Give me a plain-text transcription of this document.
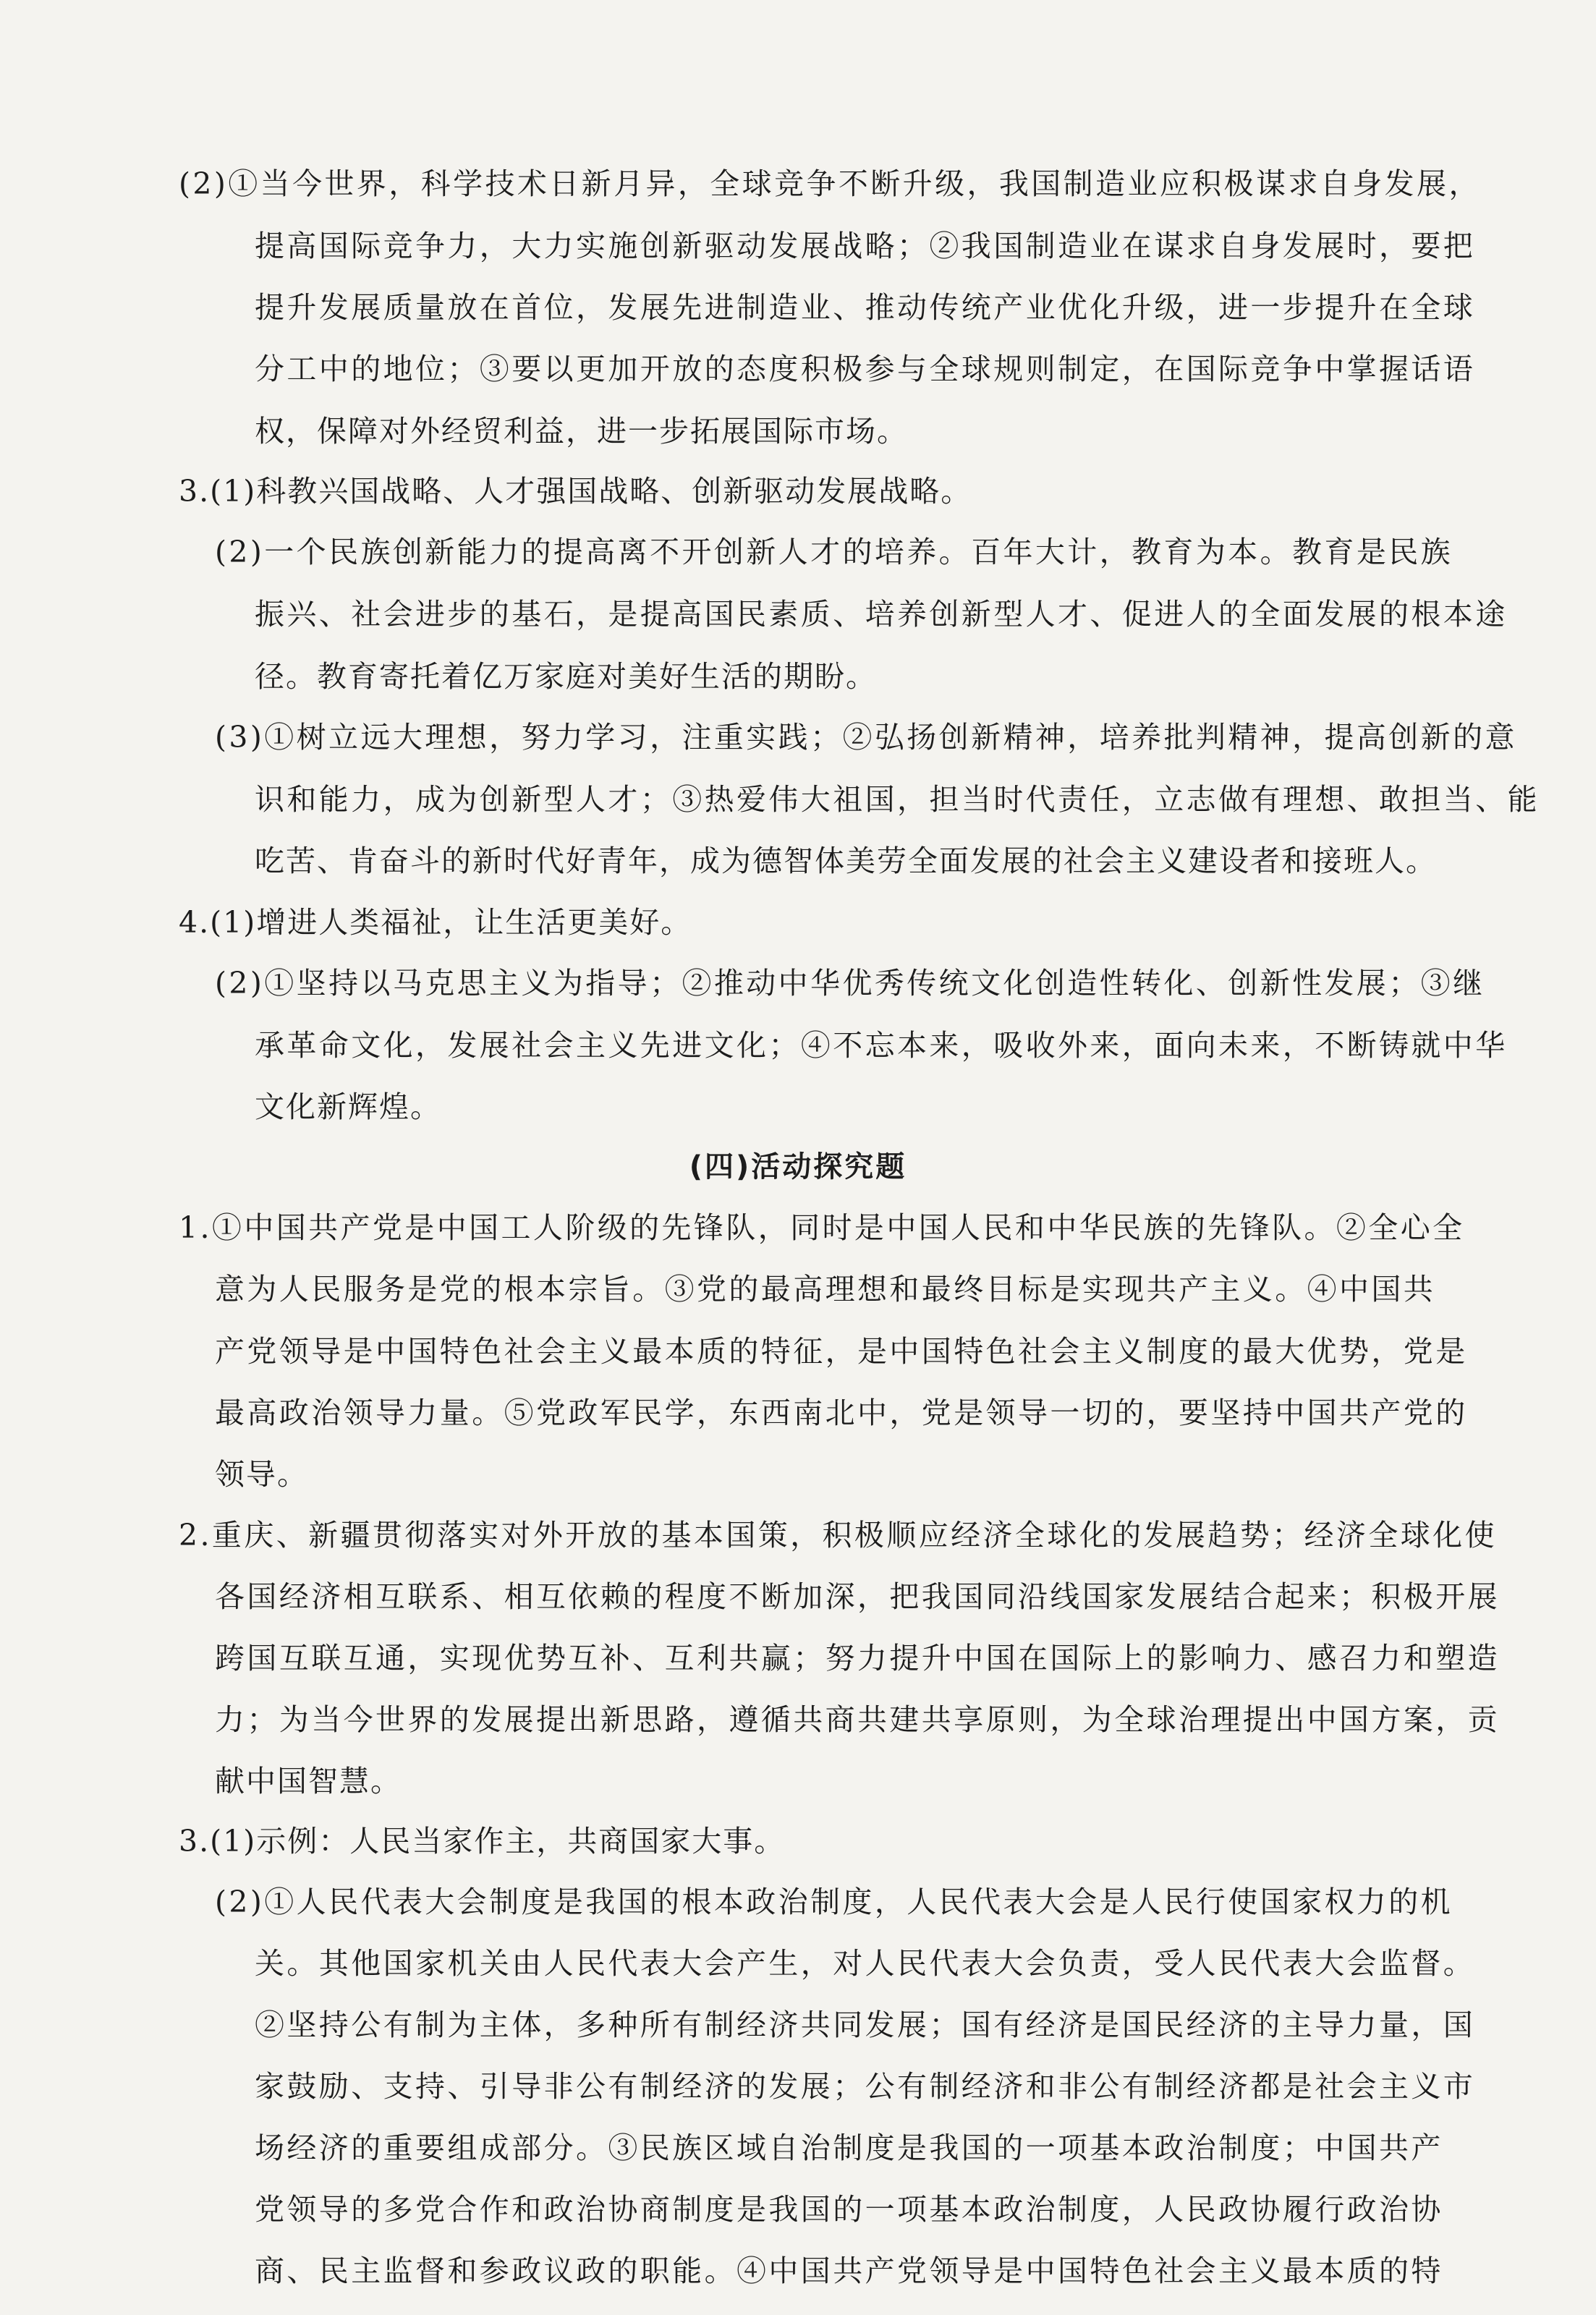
(2)①当今世界，科学技术日新月异，全球竞争不断升级，我国制造业应积极谋求自身发展，
提高国际竞争力，大力实施创新驱动发展战略；②我国制造业在谋求自身发展时，要把
提升发展质量放在首位，发展先进制造业、推动传统产业优化升级，进一步提升在全球
分工中的地位；③要以更加开放的态度积极参与全球规则制定，在国际竞争中掌握话语
权，保障对外经贸利益，进一步拓展国际市场。
3.(1)科教兴国战略、人才强国战略、创新驱动发展战略。
(2)一个民族创新能力的提高离不开创新人才的培养。百年大计，教育为本。教育是民族
振兴、社会进步的基石，是提高国民素质、培养创新型人才、促进人的全面发展的根本途
径。教育寄托着亿万家庭对美好生活的期盼。
(3)①树立远大理想，努力学习，注重实践；②弘扬创新精神，培养批判精神，提高创新的意
识和能力，成为创新型人才；③热爱伟大祖国，担当时代责任，立志做有理想、敢担当、能
吃苦、肯奋斗的新时代好青年，成为德智体美劳全面发展的社会主义建设者和接班人。
4.(1)增进人类福祉，让生活更美好。
(2)①坚持以马克思主义为指导；②推动中华优秀传统文化创造性转化、创新性发展；③继
承革命文化，发展社会主义先进文化；④不忘本来，吸收外来，面向未来，不断铸就中华
文化新辉煌。
(四)活动探究题
1.①中国共产党是中国工人阶级的先锋队，同时是中国人民和中华民族的先锋队。②全心全
意为人民服务是党的根本宗旨。③党的最高理想和最终目标是实现共产主义。④中国共
产党领导是中国特色社会主义最本质的特征，是中国特色社会主义制度的最大优势，党是
最高政治领导力量。⑤党政军民学，东西南北中，党是领导一切的，要坚持中国共产党的
领导。
2.重庆、新疆贯彻落实对外开放的基本国策，积极顺应经济全球化的发展趋势；经济全球化使
各国经济相互联系、相互依赖的程度不断加深，把我国同沿线国家发展结合起来；积极开展
跨国互联互通，实现优势互补、互利共赢；努力提升中国在国际上的影响力、感召力和塑造
力；为当今世界的发展提出新思路，遵循共商共建共享原则，为全球治理提出中国方案，贡
献中国智慧。
3.(1)示例：人民当家作主，共商国家大事。
(2)①人民代表大会制度是我国的根本政治制度，人民代表大会是人民行使国家权力的机
关。其他国家机关由人民代表大会产生，对人民代表大会负责，受人民代表大会监督。
②坚持公有制为主体，多种所有制经济共同发展；国有经济是国民经济的主导力量，国
家鼓励、支持、引导非公有制经济的发展；公有制经济和非公有制经济都是社会主义市
场经济的重要组成部分。③民族区域自治制度是我国的一项基本政治制度；中国共产
党领导的多党合作和政治协商制度是我国的一项基本政治制度，人民政协履行政治协
商、民主监督和参政议政的职能。④中国共产党领导是中国特色社会主义最本质的特
